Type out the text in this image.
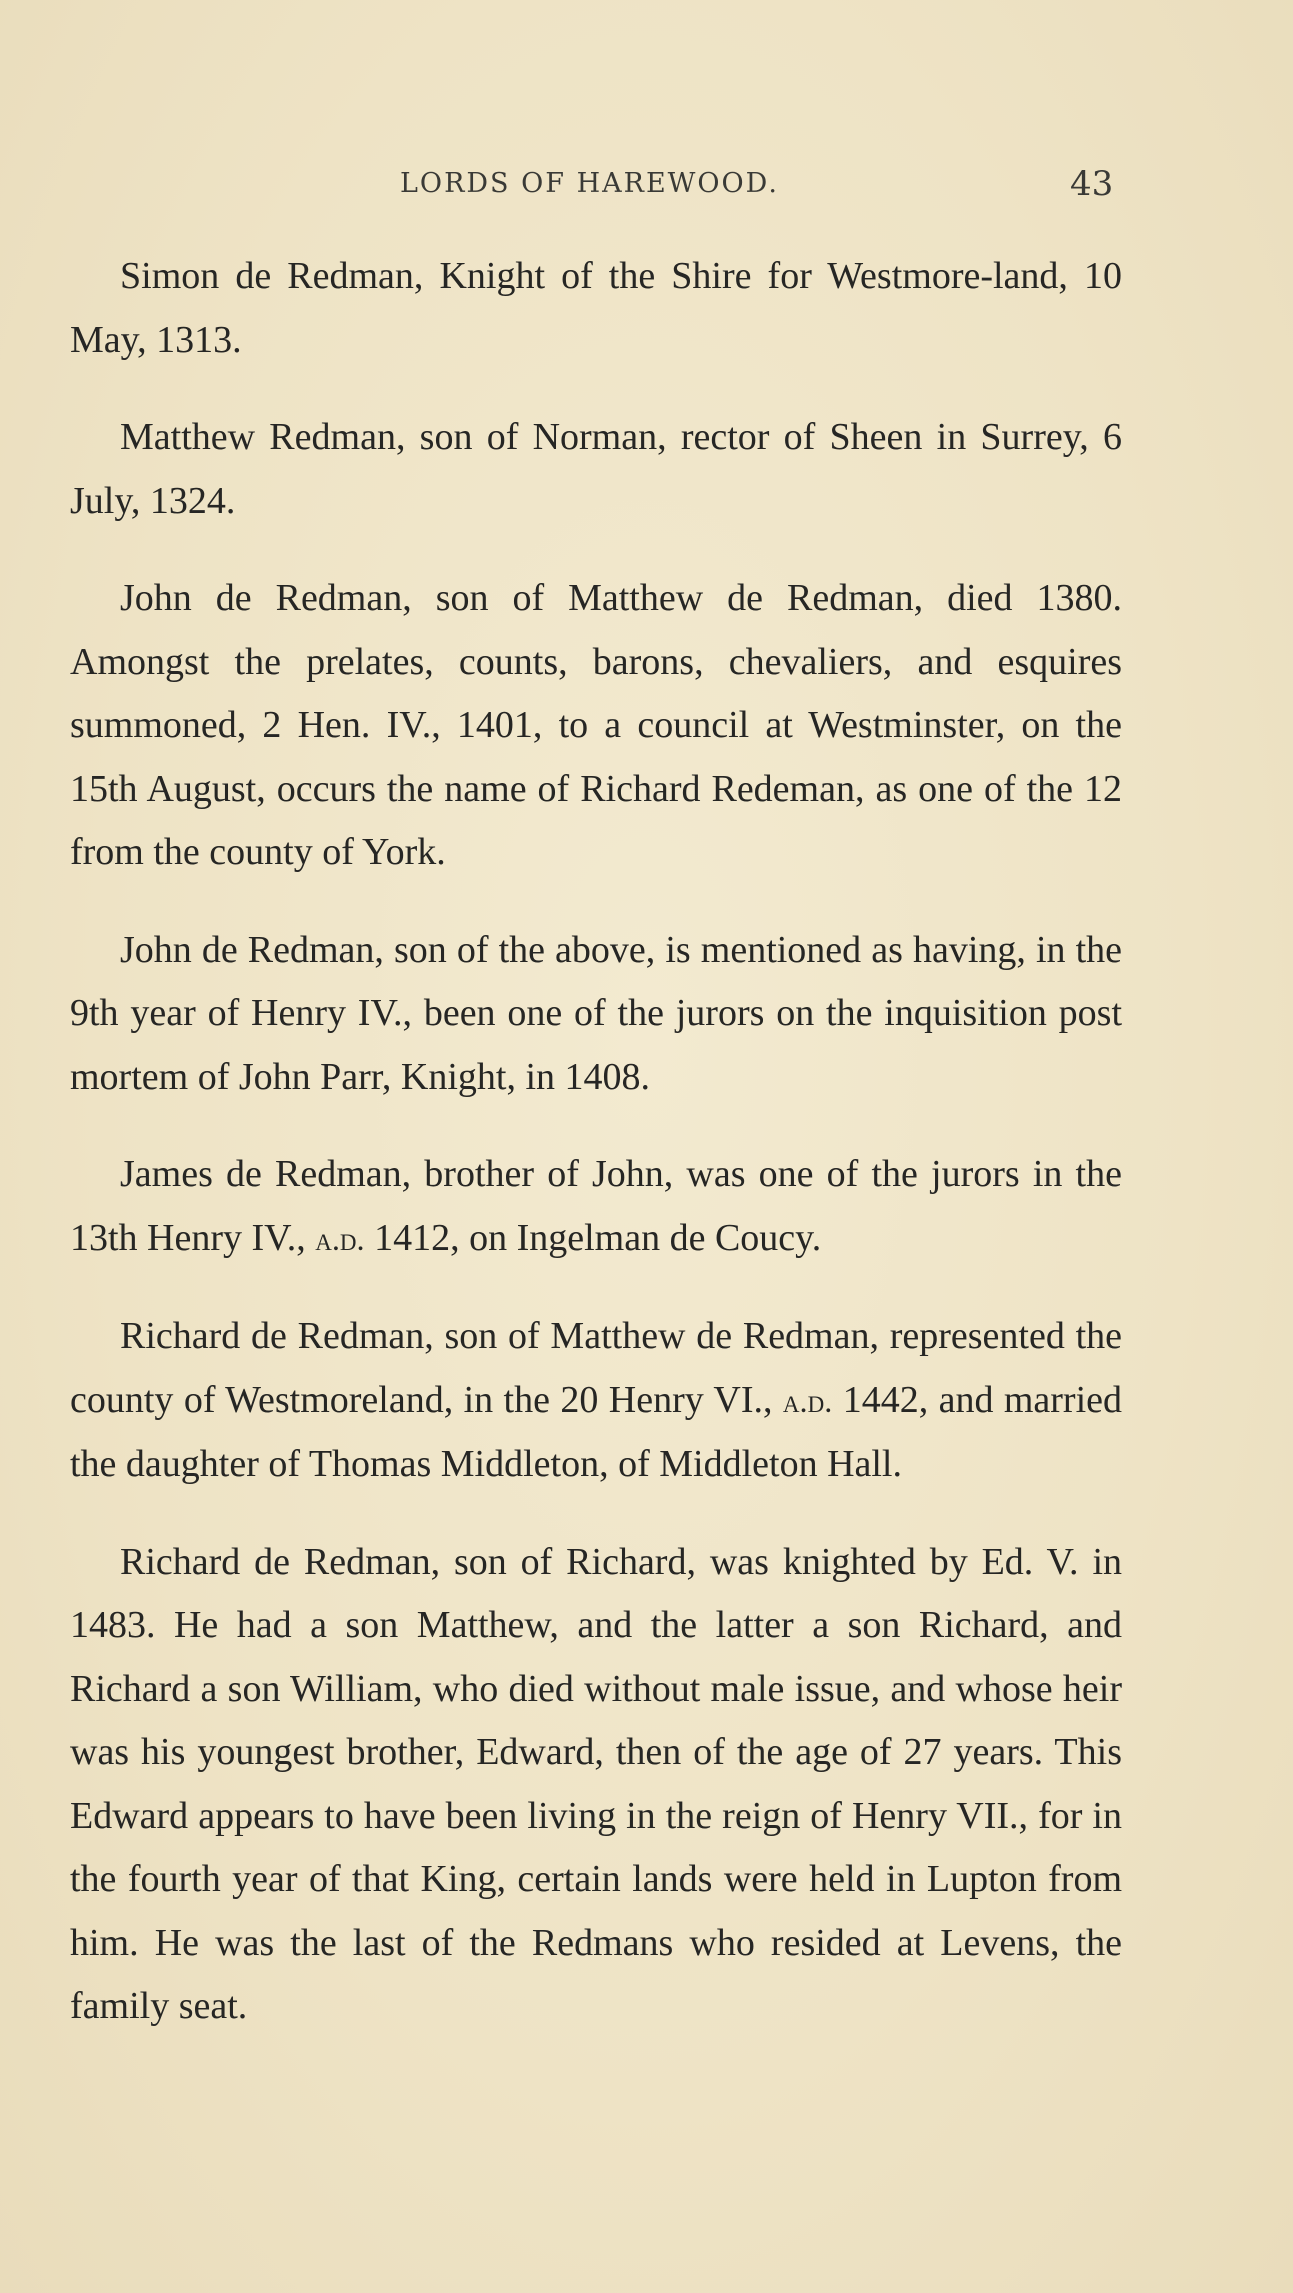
LORDS OF HAREWOOD.	43

Simon de Redman, Knight of the Shire for Westmore-land, 10 May, 1313.

Matthew Redman, son of Norman, rector of Sheen in Surrey, 6 July, 1324.

John de Redman, son of Matthew de Redman, died 1380. Amongst the prelates, counts, barons, chevaliers, and esquires summoned, 2 Hen. IV., 1401, to a council at Westminster, on the 15th August, occurs the name of Richard Redeman, as one of the 12 from the county of York.

John de Redman, son of the above, is mentioned as having, in the 9th year of Henry IV., been one of the jurors on the inquisition post mortem of John Parr, Knight, in 1408.

James de Redman, brother of John, was one of the jurors in the 13th Henry IV., a.d. 1412, on Ingelman de Coucy.

Richard de Redman, son of Matthew de Redman, represented the county of Westmoreland, in the 20 Henry VI., a.d. 1442, and married the daughter of Thomas Middleton, of Middleton Hall.

Richard de Redman, son of Richard, was knighted by Ed. V. in 1483. He had a son Matthew, and the latter a son Richard, and Richard a son William, who died without male issue, and whose heir was his youngest brother, Edward, then of the age of 27 years. This Edward appears to have been living in the reign of Henry VII., for in the fourth year of that King, certain lands were held in Lupton from him. He was the last of the Redmans who resided at Levens, the family seat.
